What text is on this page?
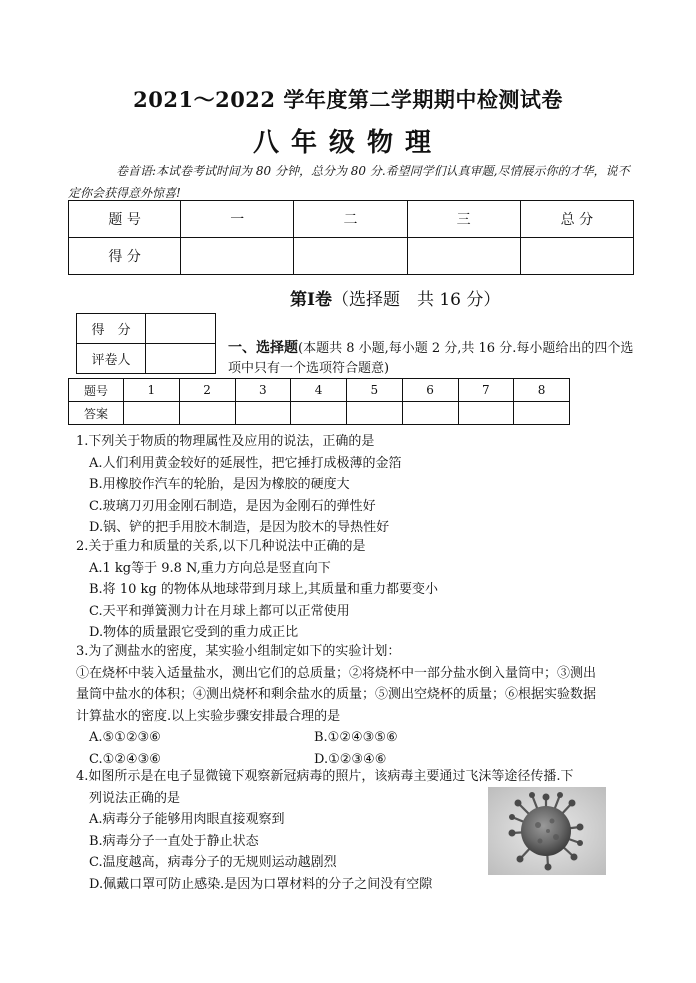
2021～2022 学年度第二学期期中检测试卷
八年级物理
卷首语:本试卷考试时间为 80 分钟，总分为 80 分.希望同学们认真审题,尽情展示你的才华，说不定你会获得意外惊喜!
题 号	一	二	三	总 分
得 分				
第Ⅰ卷（选择题　共 16 分）
得　分	
评卷人	
一、选择题(本题共 8 小题,每小题 2 分,共 16 分.每小题给出的四个选项中只有一个选项符合题意)
题号	1	2	3	4	5	6	7	8
答案								
1.下列关于物质的物理属性及应用的说法，正确的是
A.人们利用黄金较好的延展性，把它捶打成极薄的金箔
B.用橡胶作汽车的轮胎，是因为橡胶的硬度大
C.玻璃刀刃用金刚石制造，是因为金刚石的弹性好
D.锅、铲的把手用胶木制造，是因为胶木的导热性好
2.关于重力和质量的关系,以下几种说法中正确的是
A.1 kg等于 9.8 N,重力方向总是竖直向下
B.将 10 kg 的物体从地球带到月球上,其质量和重力都要变小
C.天平和弹簧测力计在月球上都可以正常使用
D.物体的质量跟它受到的重力成正比
3.为了测盐水的密度，某实验小组制定如下的实验计划：
①在烧杯中装入适量盐水，测出它们的总质量；②将烧杯中一部分盐水倒入量筒中；③测出
量筒中盐水的体积；④测出烧杯和剩余盐水的质量；⑤测出空烧杯的质量；⑥根据实验数据
计算盐水的密度.以上实验步骤安排最合理的是
A.⑤①②③⑥	B.①②④③⑤⑥
C.①②④③⑥	D.①②③④⑥
4.如图所示是在电子显微镜下观察新冠病毒的照片，该病毒主要通过飞沫等途径传播.下
列说法正确的是
A.病毒分子能够用肉眼直接观察到
B.病毒分子一直处于静止状态
C.温度越高，病毒分子的无规则运动越剧烈
D.佩戴口罩可防止感染.是因为口罩材料的分子之间没有空隙
